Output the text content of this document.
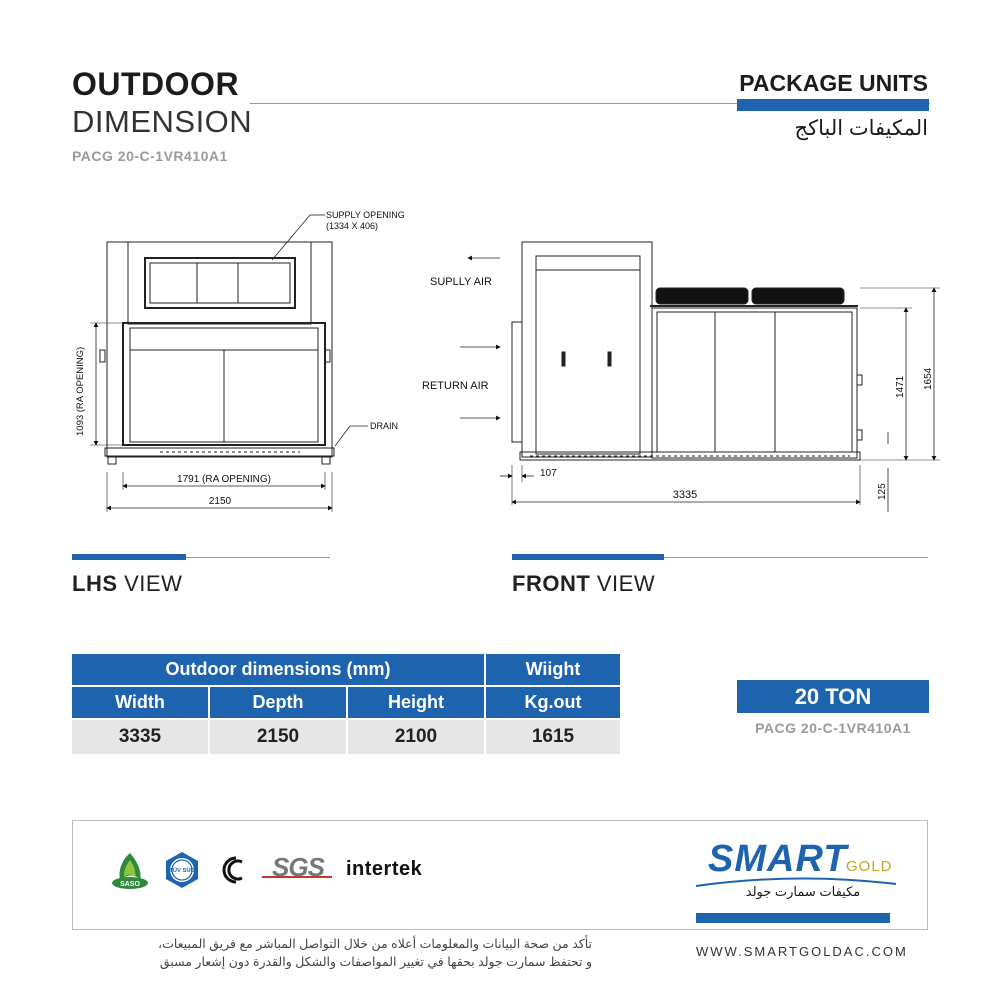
OUTDOOR
DIMENSION
PACG 20-C-1VR410A1
PACKAGE UNITS
المكيفات الباكج
SUPPLY OPENING
(1334 X 406)
DRAIN
1093 (RA OPENING)
1791 (RA OPENING)
2150
SUPLLY AIR
RETURN AIR
107
3335
1471 1654
125
LHS VIEW	FRONT VIEW
Outdoor dimensions (mm)			Wiight
Width	Depth	Height	Kg.out
3335	2150	2100	1615
20 TON
PACG 20-C-1VR410A1
SASO
TÜV SÜD	SGS intertek	SMART
GOLD
مكيفات سمارت جولد
WWW.SMARTGOLDAC.COM
تأكد من صحة البيانات والمعلومات أعلاه من خلال التواصل المباشر مع فريق المبيعات،
و تحتفظ سمارت جولد بحقها في تغيير المواصفات والشكل والقدرة دون إشعار مسبق
